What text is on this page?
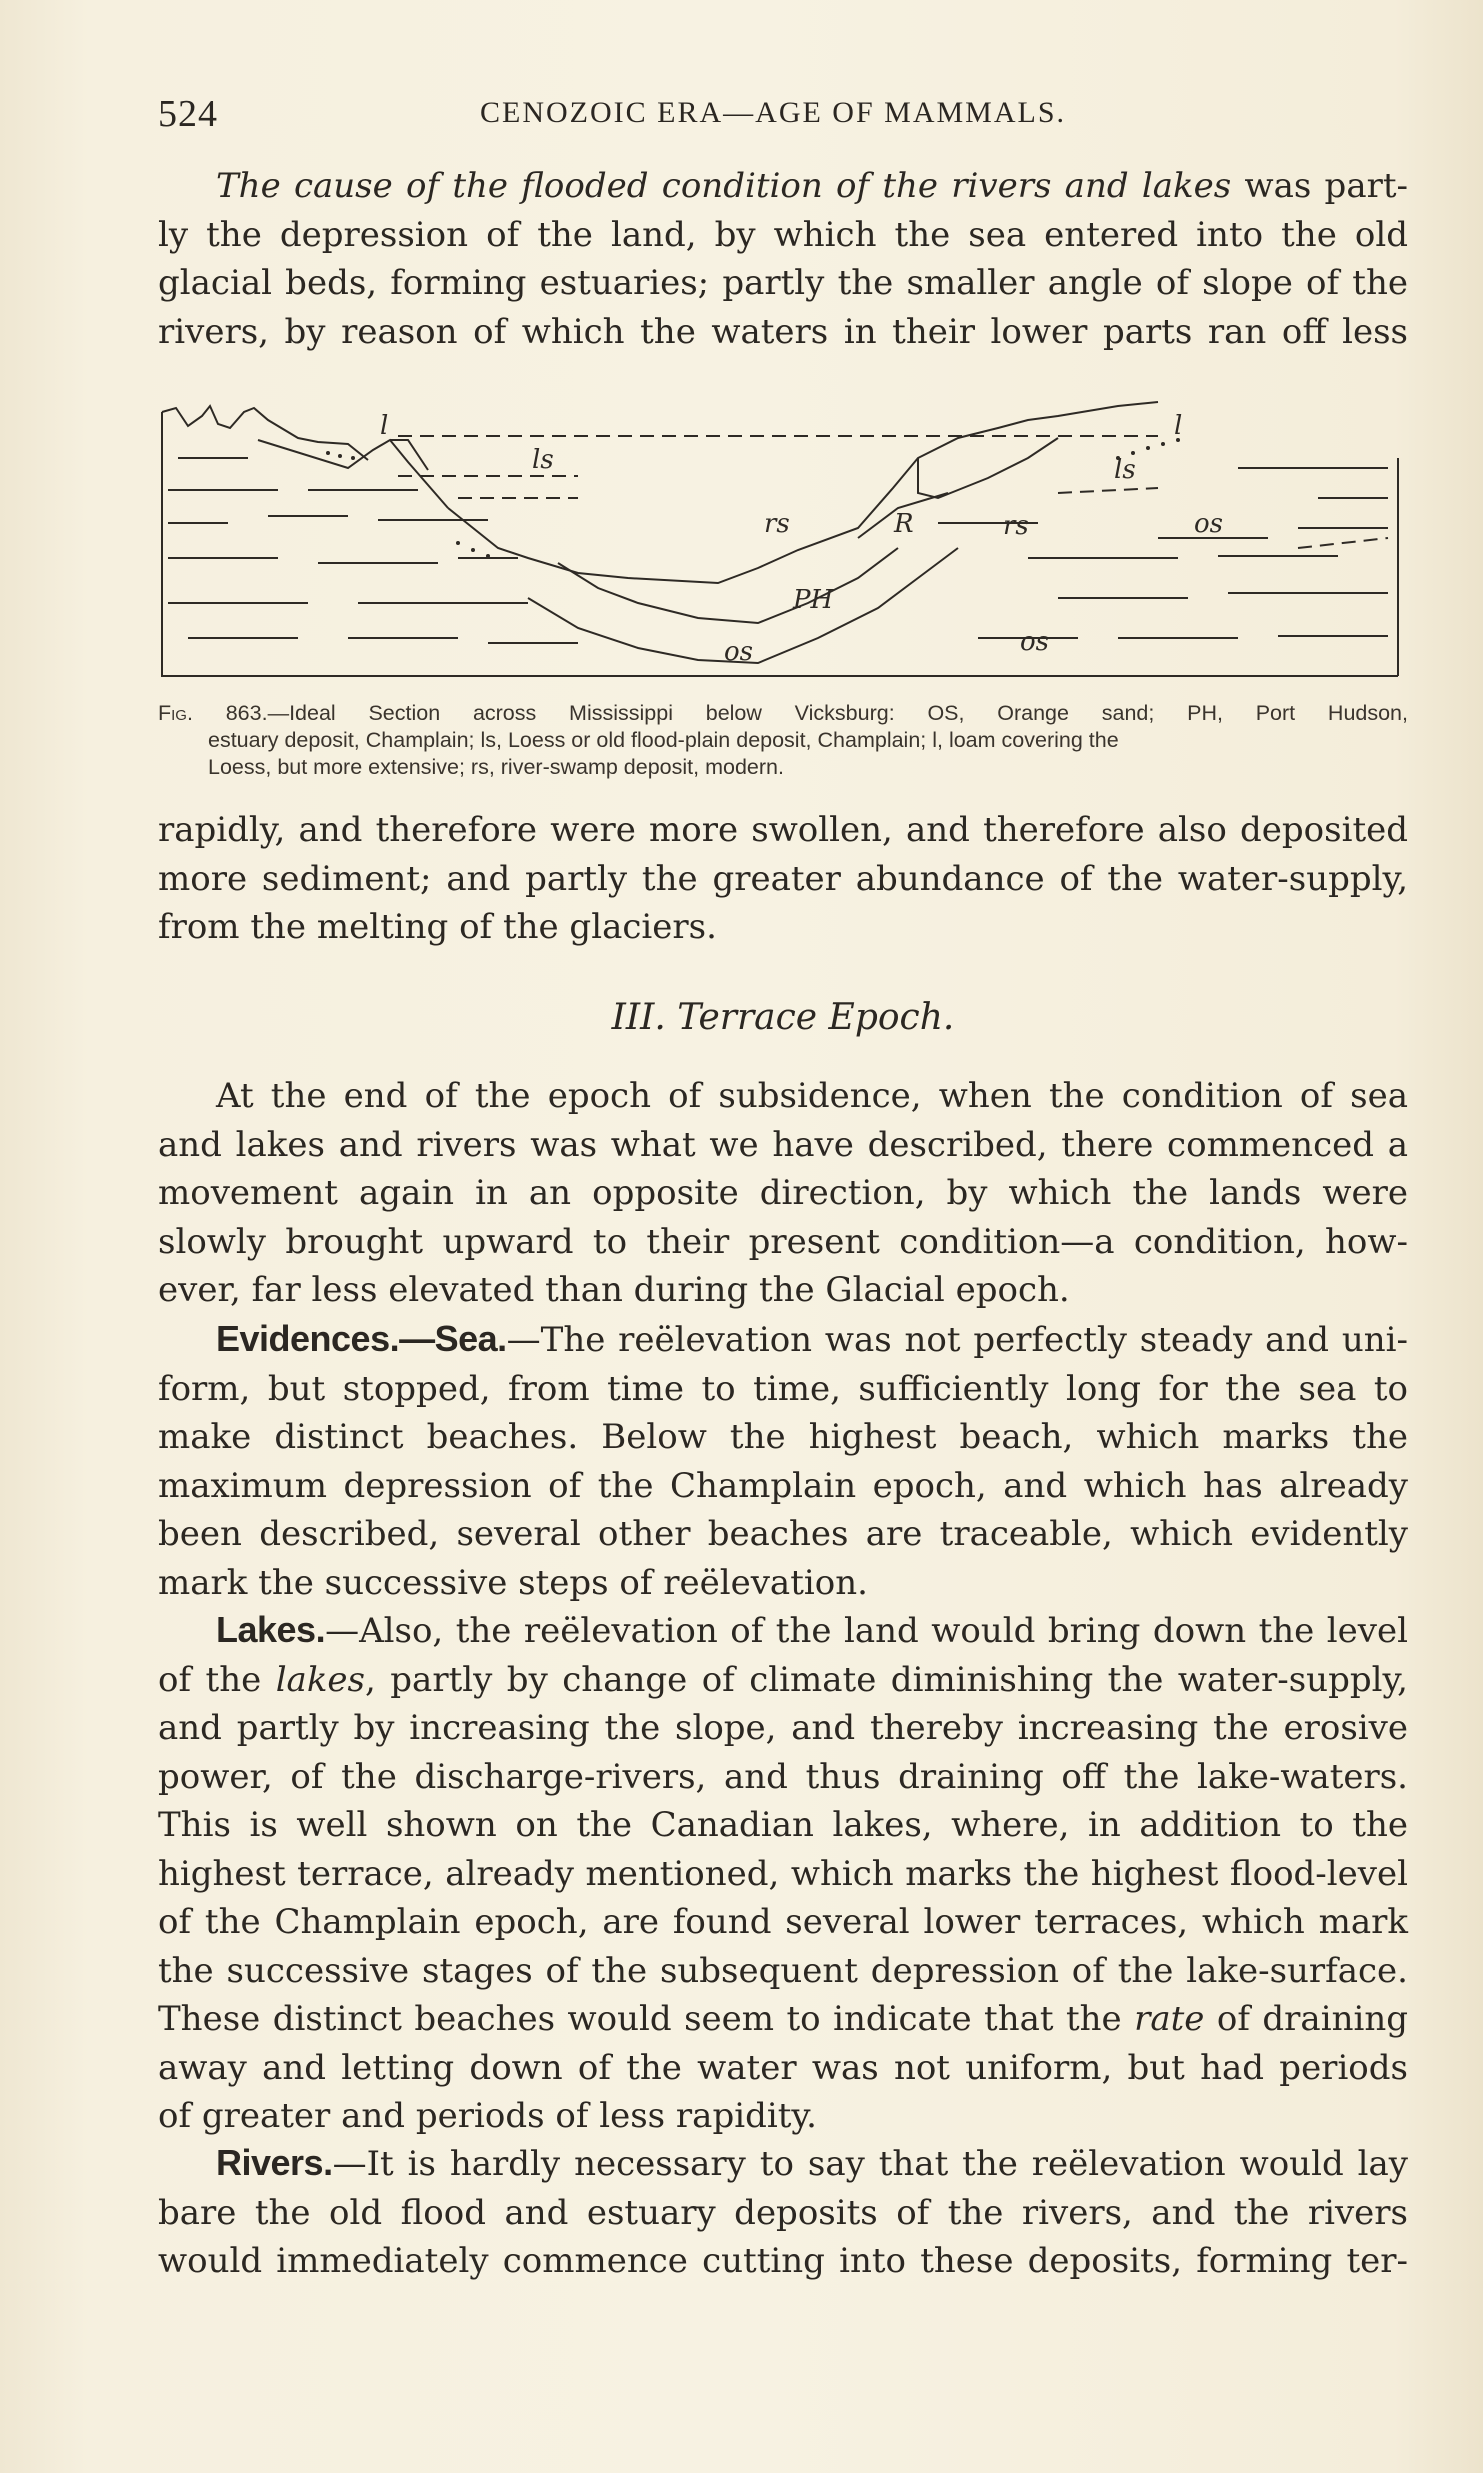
524	CENOZOIC ERA—AGE OF MAMMALS.
The cause of the flooded condition of the rivers and lakes was part-
ly the depression of the land, by which the sea entered into the old
glacial beds, forming estuaries; partly the smaller angle of slope of the
rivers, by reason of which the waters in their lower parts ran off less
l	l
ls	ls
rs	R	rs	os
PH
os	os
Fig. 863.—Ideal Section across Mississippi below Vicksburg: OS, Orange sand; PH, Port Hudson,
estuary deposit, Champlain; ls, Loess or old flood-plain deposit, Champlain; l, loam covering the
Loess, but more extensive; rs, river-swamp deposit, modern.
rapidly, and therefore were more swollen, and therefore also deposited
more sediment; and partly the greater abundance of the water-supply,
from the melting of the glaciers.
III. Terrace Epoch.
At the end of the epoch of subsidence, when the condition of sea
and lakes and rivers was what we have described, there commenced a
movement again in an opposite direction, by which the lands were
slowly brought upward to their present condition—a condition, how-
ever, far less elevated than during the Glacial epoch.
Evidences.—Sea.—The reëlevation was not perfectly steady and uni-
form, but stopped, from time to time, sufficiently long for the sea to
make distinct beaches. Below the highest beach, which marks the
maximum depression of the Champlain epoch, and which has already
been described, several other beaches are traceable, which evidently
mark the successive steps of reëlevation.
Lakes.—Also, the reëlevation of the land would bring down the level
of the lakes, partly by change of climate diminishing the water-supply,
and partly by increasing the slope, and thereby increasing the erosive
power, of the discharge-rivers, and thus draining off the lake-waters.
This is well shown on the Canadian lakes, where, in addition to the
highest terrace, already mentioned, which marks the highest flood-level
of the Champlain epoch, are found several lower terraces, which mark
the successive stages of the subsequent depression of the lake-surface.
These distinct beaches would seem to indicate that the rate of draining
away and letting down of the water was not uniform, but had periods
of greater and periods of less rapidity.
Rivers.—It is hardly necessary to say that the reëlevation would lay
bare the old flood and estuary deposits of the rivers, and the rivers
would immediately commence cutting into these deposits, forming ter-
